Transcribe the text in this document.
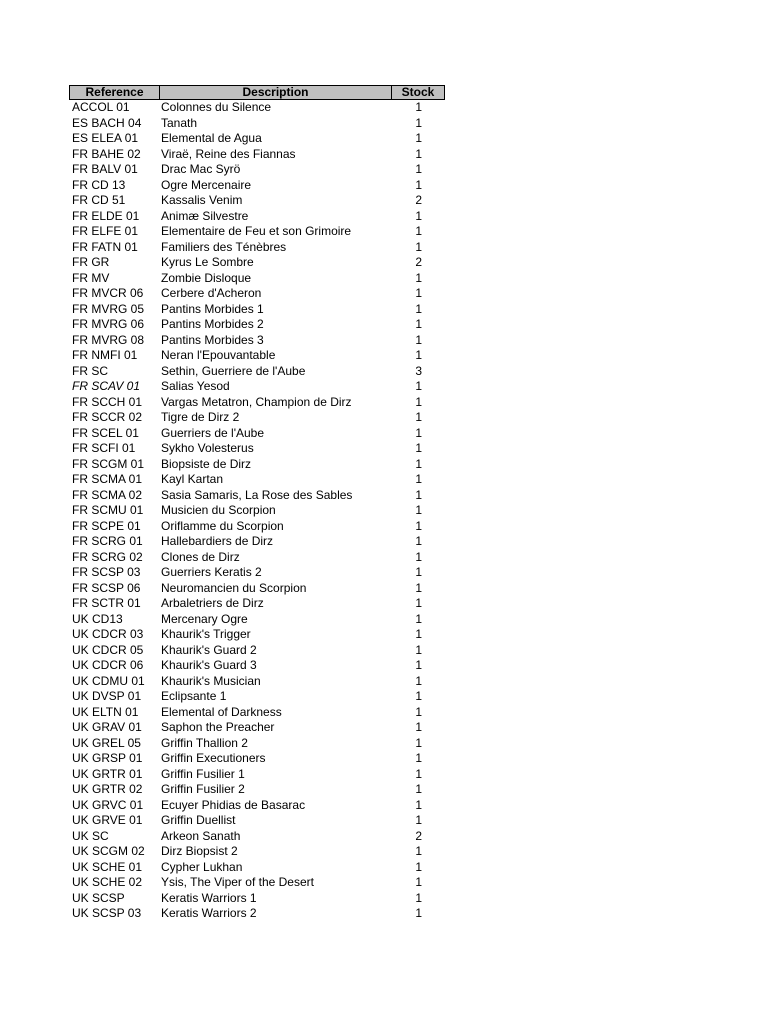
Reference	Description	Stock
ACCOL 01	Colonnes du Silence	1
ES BACH 04	Tanath	1
ES ELEA 01	Elemental de Agua	1
FR BAHE 02	Viraë, Reine des Fiannas	1
FR BALV 01	Drac Mac Syrö	1
FR CD 13	Ogre Mercenaire	1
FR CD 51	Kassalis Venim	2
FR ELDE 01	Animæ Silvestre	1
FR ELFE 01	Elementaire de Feu et son Grimoire	1
FR FATN 01	Familiers des Ténèbres	1
FR GR	Kyrus Le Sombre	2
FR MV	Zombie Disloque	1
FR MVCR 06	Cerbere d'Acheron	1
FR MVRG 05	Pantins Morbides 1	1
FR MVRG 06	Pantins Morbides 2	1
FR MVRG 08	Pantins Morbides 3	1
FR NMFI 01	Neran l'Epouvantable	1
FR SC	Sethin, Guerriere de l'Aube	3
FR SCAV 01	Salias Yesod	1
FR SCCH 01	Vargas Metatron, Champion de Dirz	1
FR SCCR 02	Tigre de Dirz 2	1
FR SCEL 01	Guerriers de l'Aube	1
FR SCFI 01	Sykho Volesterus	1
FR SCGM 01	Biopsiste de Dirz	1
FR SCMA 01	Kayl Kartan	1
FR SCMA 02	Sasia Samaris, La Rose des Sables	1
FR SCMU 01	Musicien du Scorpion	1
FR SCPE 01	Oriflamme du Scorpion	1
FR SCRG 01	Hallebardiers de Dirz	1
FR SCRG 02	Clones de Dirz	1
FR SCSP 03	Guerriers Keratis 2	1
FR SCSP 06	Neuromancien du Scorpion	1
FR SCTR 01	Arbaletriers de Dirz	1
UK CD13	Mercenary Ogre	1
UK CDCR 03	Khaurik's Trigger	1
UK CDCR 05	Khaurik's Guard 2	1
UK CDCR 06	Khaurik's Guard 3	1
UK CDMU 01	Khaurik's Musician	1
UK DVSP 01	Eclipsante 1	1
UK ELTN 01	Elemental of Darkness	1
UK GRAV 01	Saphon the Preacher	1
UK GREL 05	Griffin Thallion 2	1
UK GRSP 01	Griffin Executioners	1
UK GRTR 01	Griffin Fusilier 1	1
UK GRTR 02	Griffin Fusilier 2	1
UK GRVC 01	Ecuyer Phidias de Basarac	1
UK GRVE 01	Griffin Duellist	1
UK SC	Arkeon Sanath	2
UK SCGM 02	Dirz Biopsist 2	1
UK SCHE 01	Cypher Lukhan	1
UK SCHE 02	Ysis, The Viper of the Desert	1
UK SCSP	Keratis Warriors 1	1
UK SCSP 03	Keratis Warriors 2	1
